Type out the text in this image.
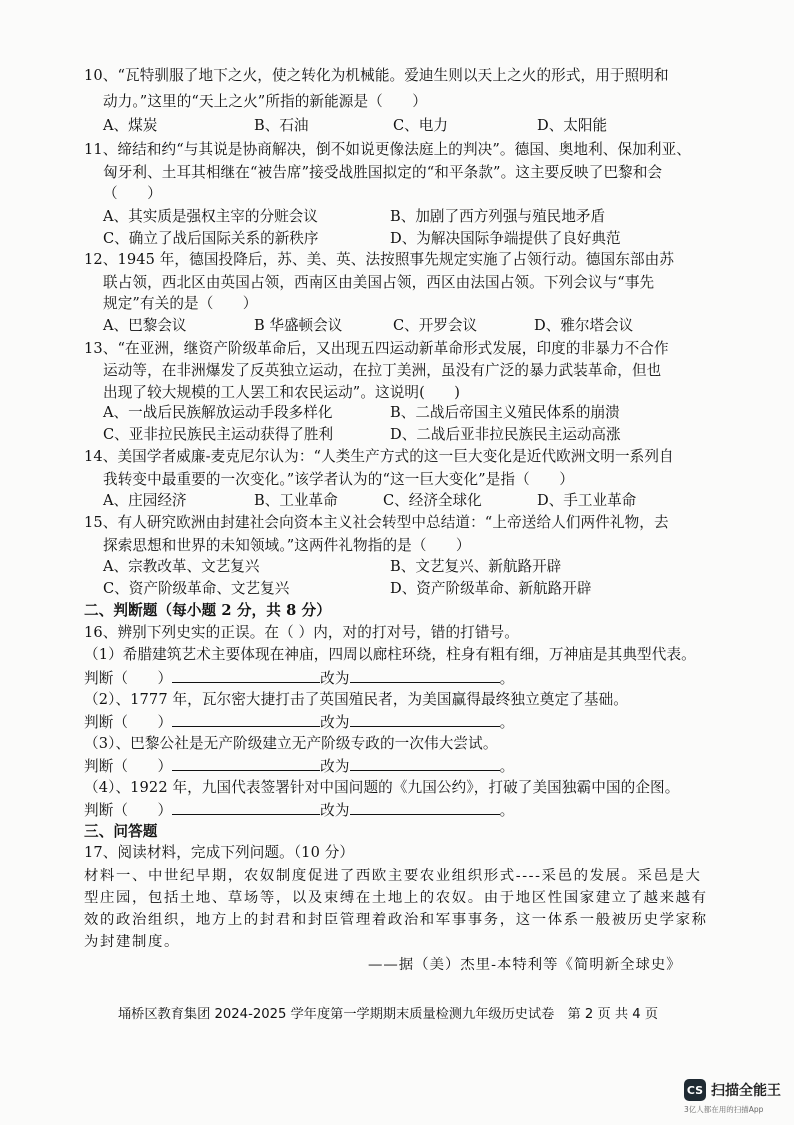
10、“瓦特驯服了地下之火，使之转化为机械能。爱迪生则以天上之火的形式，用于照明和
动力。”这里的“天上之火”所指的新能源是（　　）
A、煤炭	B、石油	C、电力	D、太阳能
11、缔结和约“与其说是协商解决，倒不如说更像法庭上的判决”。德国、奥地利、保加利亚、
匈牙利、土耳其相继在“被告席”接受战胜国拟定的“和平条款”。这主要反映了巴黎和会
（　　）
A、其实质是强权主宰的分赃会议	B、加剧了西方列强与殖民地矛盾
C、确立了战后国际关系的新秩序	D、为解决国际争端提供了良好典范
12、1945 年，德国投降后，苏、美、英、法按照事先规定实施了占领行动。德国东部由苏
联占领，西北区由英国占领，西南区由美国占领，西区由法国占领。下列会议与“事先
规定”有关的是（　　）
A、巴黎会议	B 华盛顿会议	C、开罗会议	D、雅尔塔会议
13、“在亚洲，继资产阶级革命后，又出现五四运动新革命形式发展，印度的非暴力不合作
运动等，在非洲爆发了反英独立运动，在拉丁美洲，虽没有广泛的暴力武装革命，但也
出现了较大规模的工人罢工和农民运动”。这说明(　　)
A、一战后民族解放运动手段多样化	B、二战后帝国主义殖民体系的崩溃
C、亚非拉民族民主运动获得了胜利	D、二战后亚非拉民族民主运动高涨
14、美国学者威廉-麦克尼尔认为：“人类生产方式的这一巨大变化是近代欧洲文明一系列自
我转变中最重要的一次变化。”该学者认为的“这一巨大变化”是指（　　）
A、庄园经济	B、工业革命	C、经济全球化	D、手工业革命
15、有人研究欧洲由封建社会向资本主义社会转型中总结道：“上帝送给人们两件礼物，去
探索思想和世界的未知领域。”这两件礼物指的是（　　）
A、宗教改革、文艺复兴	B、文艺复兴、新航路开辟
C、资产阶级革命、文艺复兴	D、资产阶级革命、新航路开辟
二、判断题（每小题 2 分，共 8 分）
16、辨别下列史实的正误。在（ ）内，对的打对号，错的打错号。
（1）希腊建筑艺术主要体现在神庙，四周以廊柱环绕，柱身有粗有细，万神庙是其典型代表。
判断（　　）	改为	。
（2）、1777 年，瓦尔密大捷打击了英国殖民者，为美国赢得最终独立奠定了基础。
判断（　　）	改为	。
（3）、巴黎公社是无产阶级建立无产阶级专政的一次伟大尝试。
判断（　　）	改为	。
（4）、1922 年，九国代表签署针对中国问题的《九国公约》，打破了美国独霸中国的企图。
判断（　　）	改为	。
三、问答题
17、阅读材料，完成下列问题。（10 分）
材料一、中世纪早期，农奴制度促进了西欧主要农业组织形式----采邑的发展。采邑是大
型庄园，包括土地、草场等，以及束缚在土地上的农奴。由于地区性国家建立了越来越有
效的政治组织，地方上的封君和封臣管理着政治和军事事务，这一体系一般被历史学家称
为封建制度。
——据（美）杰里-本特利等《简明新全球史》
埇桥区教育集团 2024-2025 学年度第一学期期末质量检测九年级历史试卷　第 2 页 共 4 页
CS 扫描全能王
3亿人都在用的扫描App
